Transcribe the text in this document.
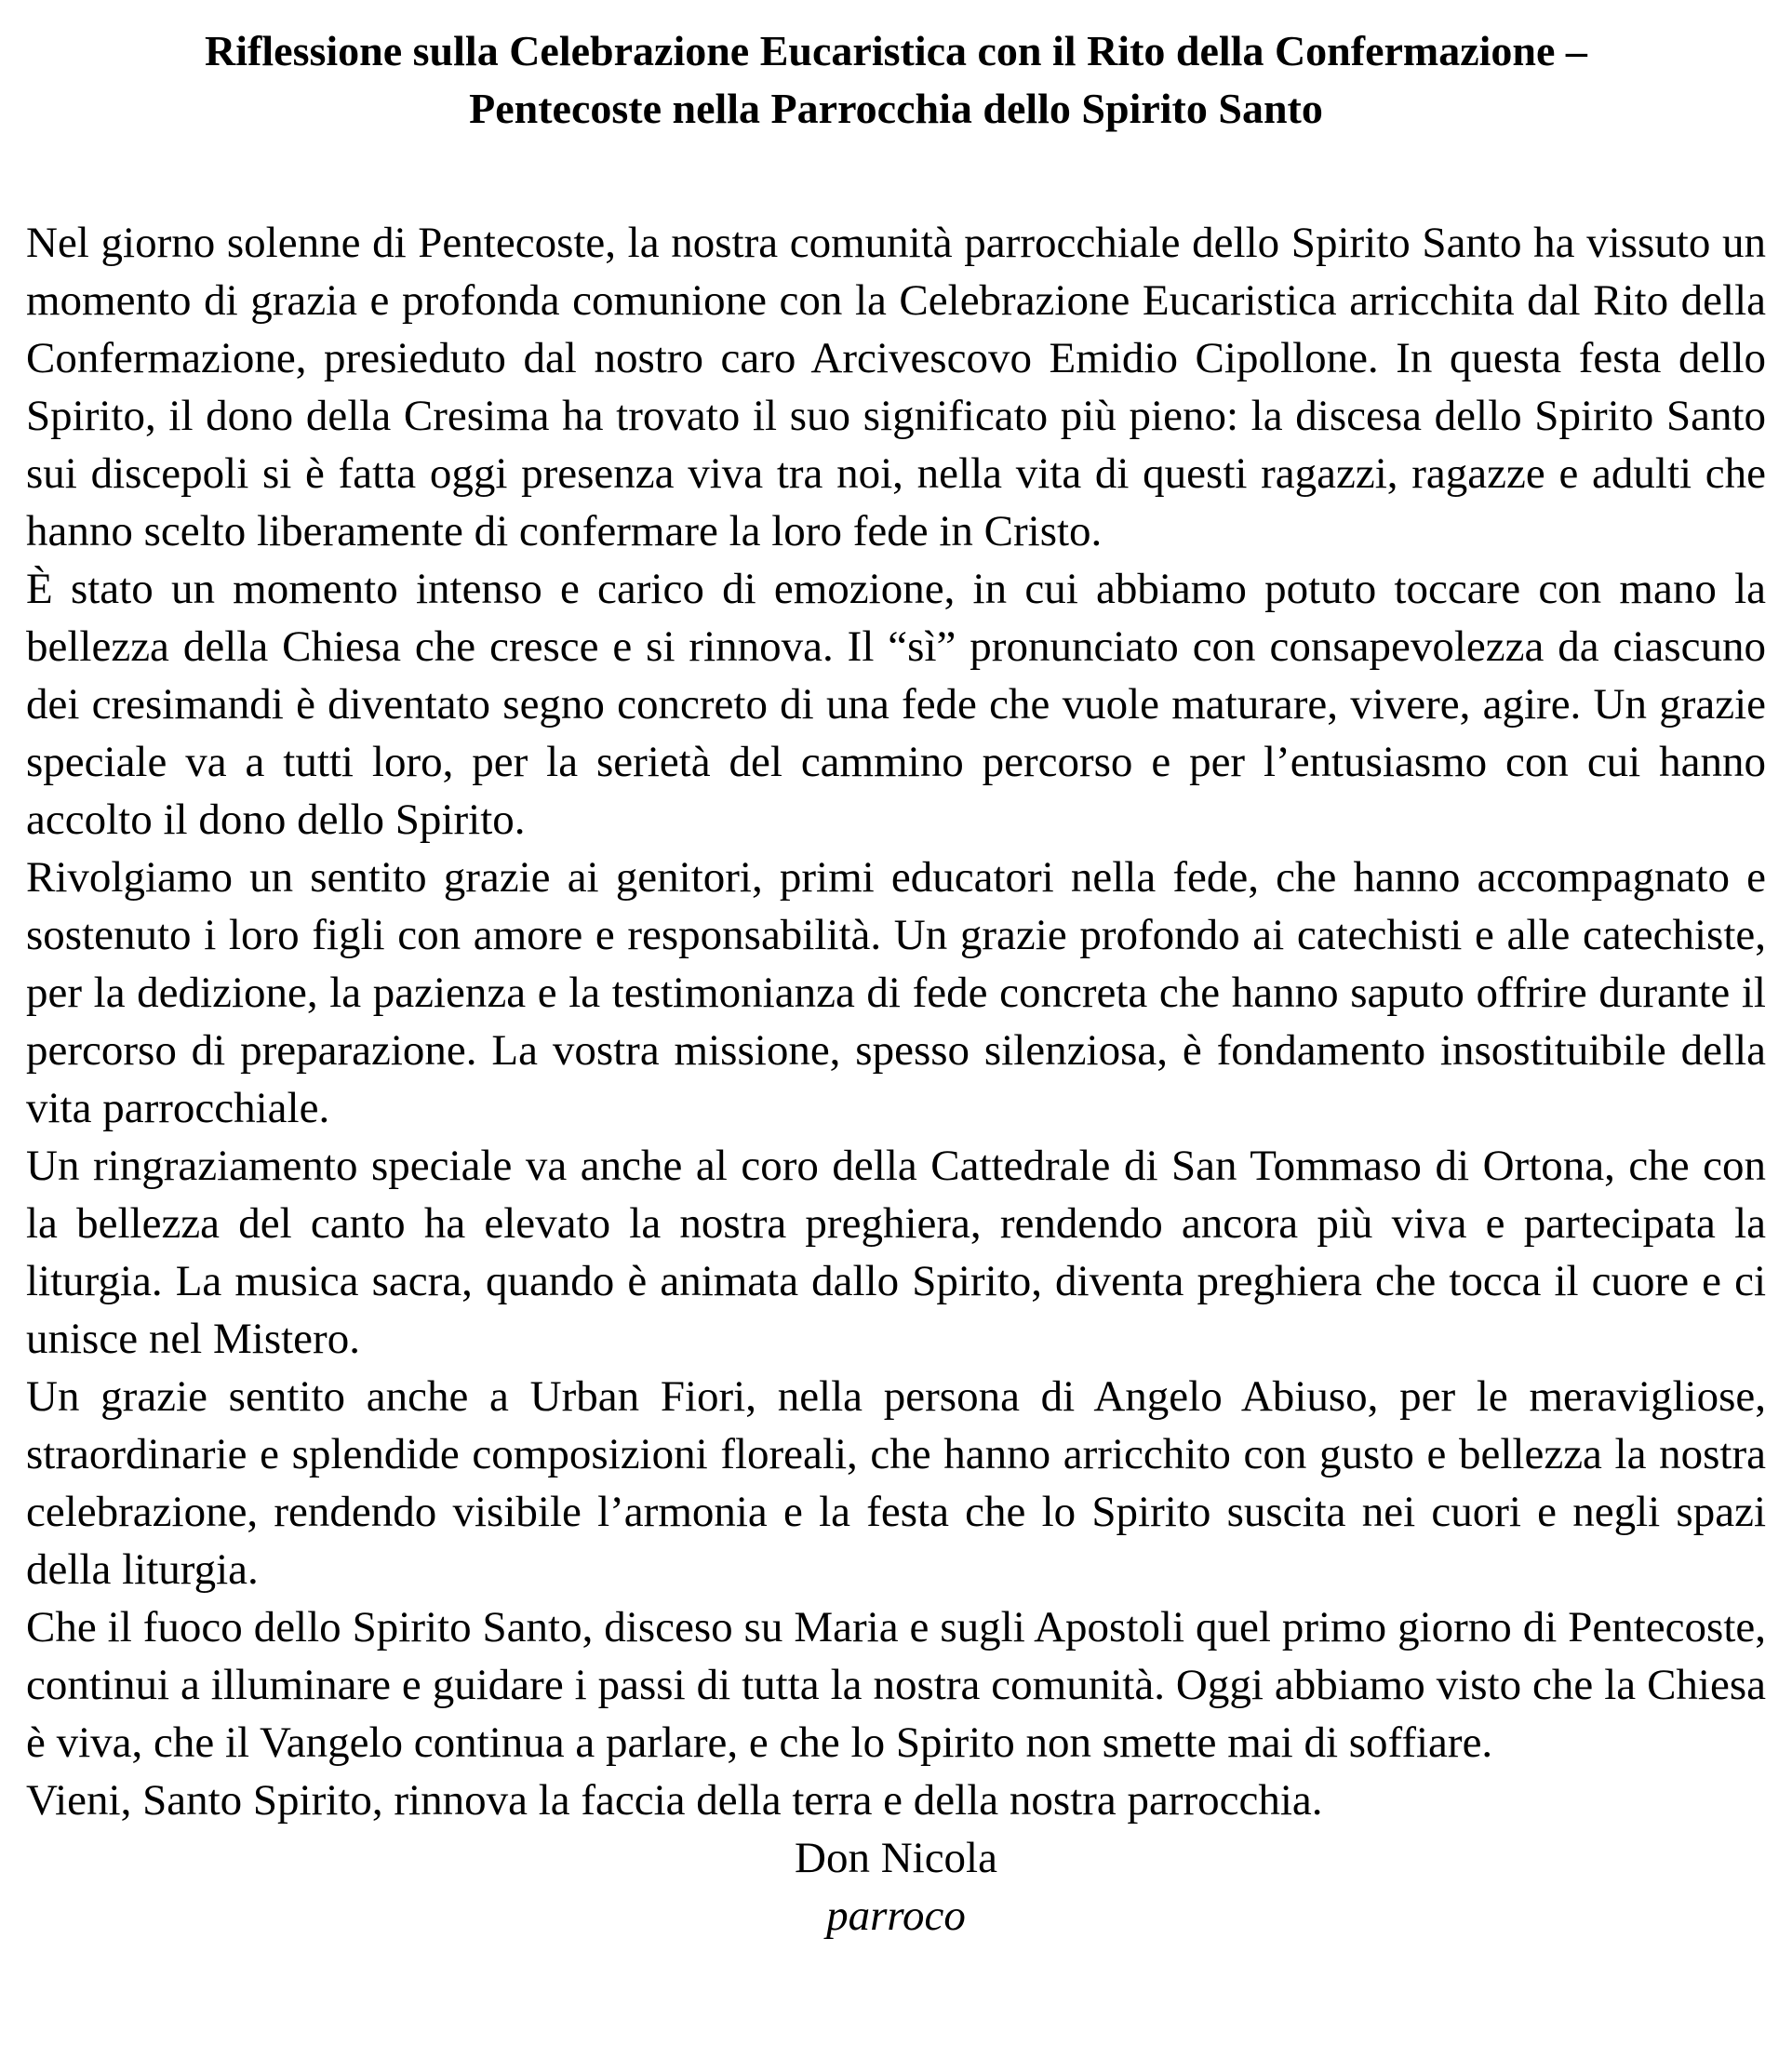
Riflessione sulla Celebrazione Eucaristica con il Rito della Confermazione –
Pentecoste nella Parrocchia dello Spirito Santo

Nel giorno solenne di Pentecoste, la nostra comunità parrocchiale dello Spirito Santo ha vissuto un momento di grazia e profonda comunione con la Celebrazione Eucaristica arricchita dal Rito della Confermazione, presieduto dal nostro caro Arcivescovo Emidio Cipollone. In questa festa dello Spirito, il dono della Cresima ha trovato il suo significato più pieno: la discesa dello Spirito Santo sui discepoli si è fatta oggi presenza viva tra noi, nella vita di questi ragazzi, ragazze e adulti che hanno scelto liberamente di confermare la loro fede in Cristo.

È stato un momento intenso e carico di emozione, in cui abbiamo potuto toccare con mano la bellezza della Chiesa che cresce e si rinnova. Il “sì” pronunciato con consapevolezza da ciascuno dei cresimandi è diventato segno concreto di una fede che vuole maturare, vivere, agire. Un grazie speciale va a tutti loro, per la serietà del cammino percorso e per l’entusiasmo con cui hanno accolto il dono dello Spirito.

Rivolgiamo un sentito grazie ai genitori, primi educatori nella fede, che hanno accompagnato e sostenuto i loro figli con amore e responsabilità. Un grazie profondo ai catechisti e alle catechiste, per la dedizione, la pazienza e la testimonianza di fede concreta che hanno saputo offrire durante il percorso di preparazione. La vostra missione, spesso silenziosa, è fondamento insostituibile della vita parrocchiale.

Un ringraziamento speciale va anche al coro della Cattedrale di San Tommaso di Ortona, che con la bellezza del canto ha elevato la nostra preghiera, rendendo ancora più viva e partecipata la liturgia. La musica sacra, quando è animata dallo Spirito, diventa preghiera che tocca il cuore e ci unisce nel Mistero.

Un grazie sentito anche a Urban Fiori, nella persona di Angelo Abiuso, per le meravigliose, straordinarie e splendide composizioni floreali, che hanno arricchito con gusto e bellezza la nostra celebrazione, rendendo visibile l’armonia e la festa che lo Spirito suscita nei cuori e negli spazi della liturgia.

Che il fuoco dello Spirito Santo, disceso su Maria e sugli Apostoli quel primo giorno di Pentecoste, continui a illuminare e guidare i passi di tutta la nostra comunità. Oggi abbiamo visto che la Chiesa è viva, che il Vangelo continua a parlare, e che lo Spirito non smette mai di soffiare.

Vieni, Santo Spirito, rinnova la faccia della terra e della nostra parrocchia.

Don Nicola

parroco
